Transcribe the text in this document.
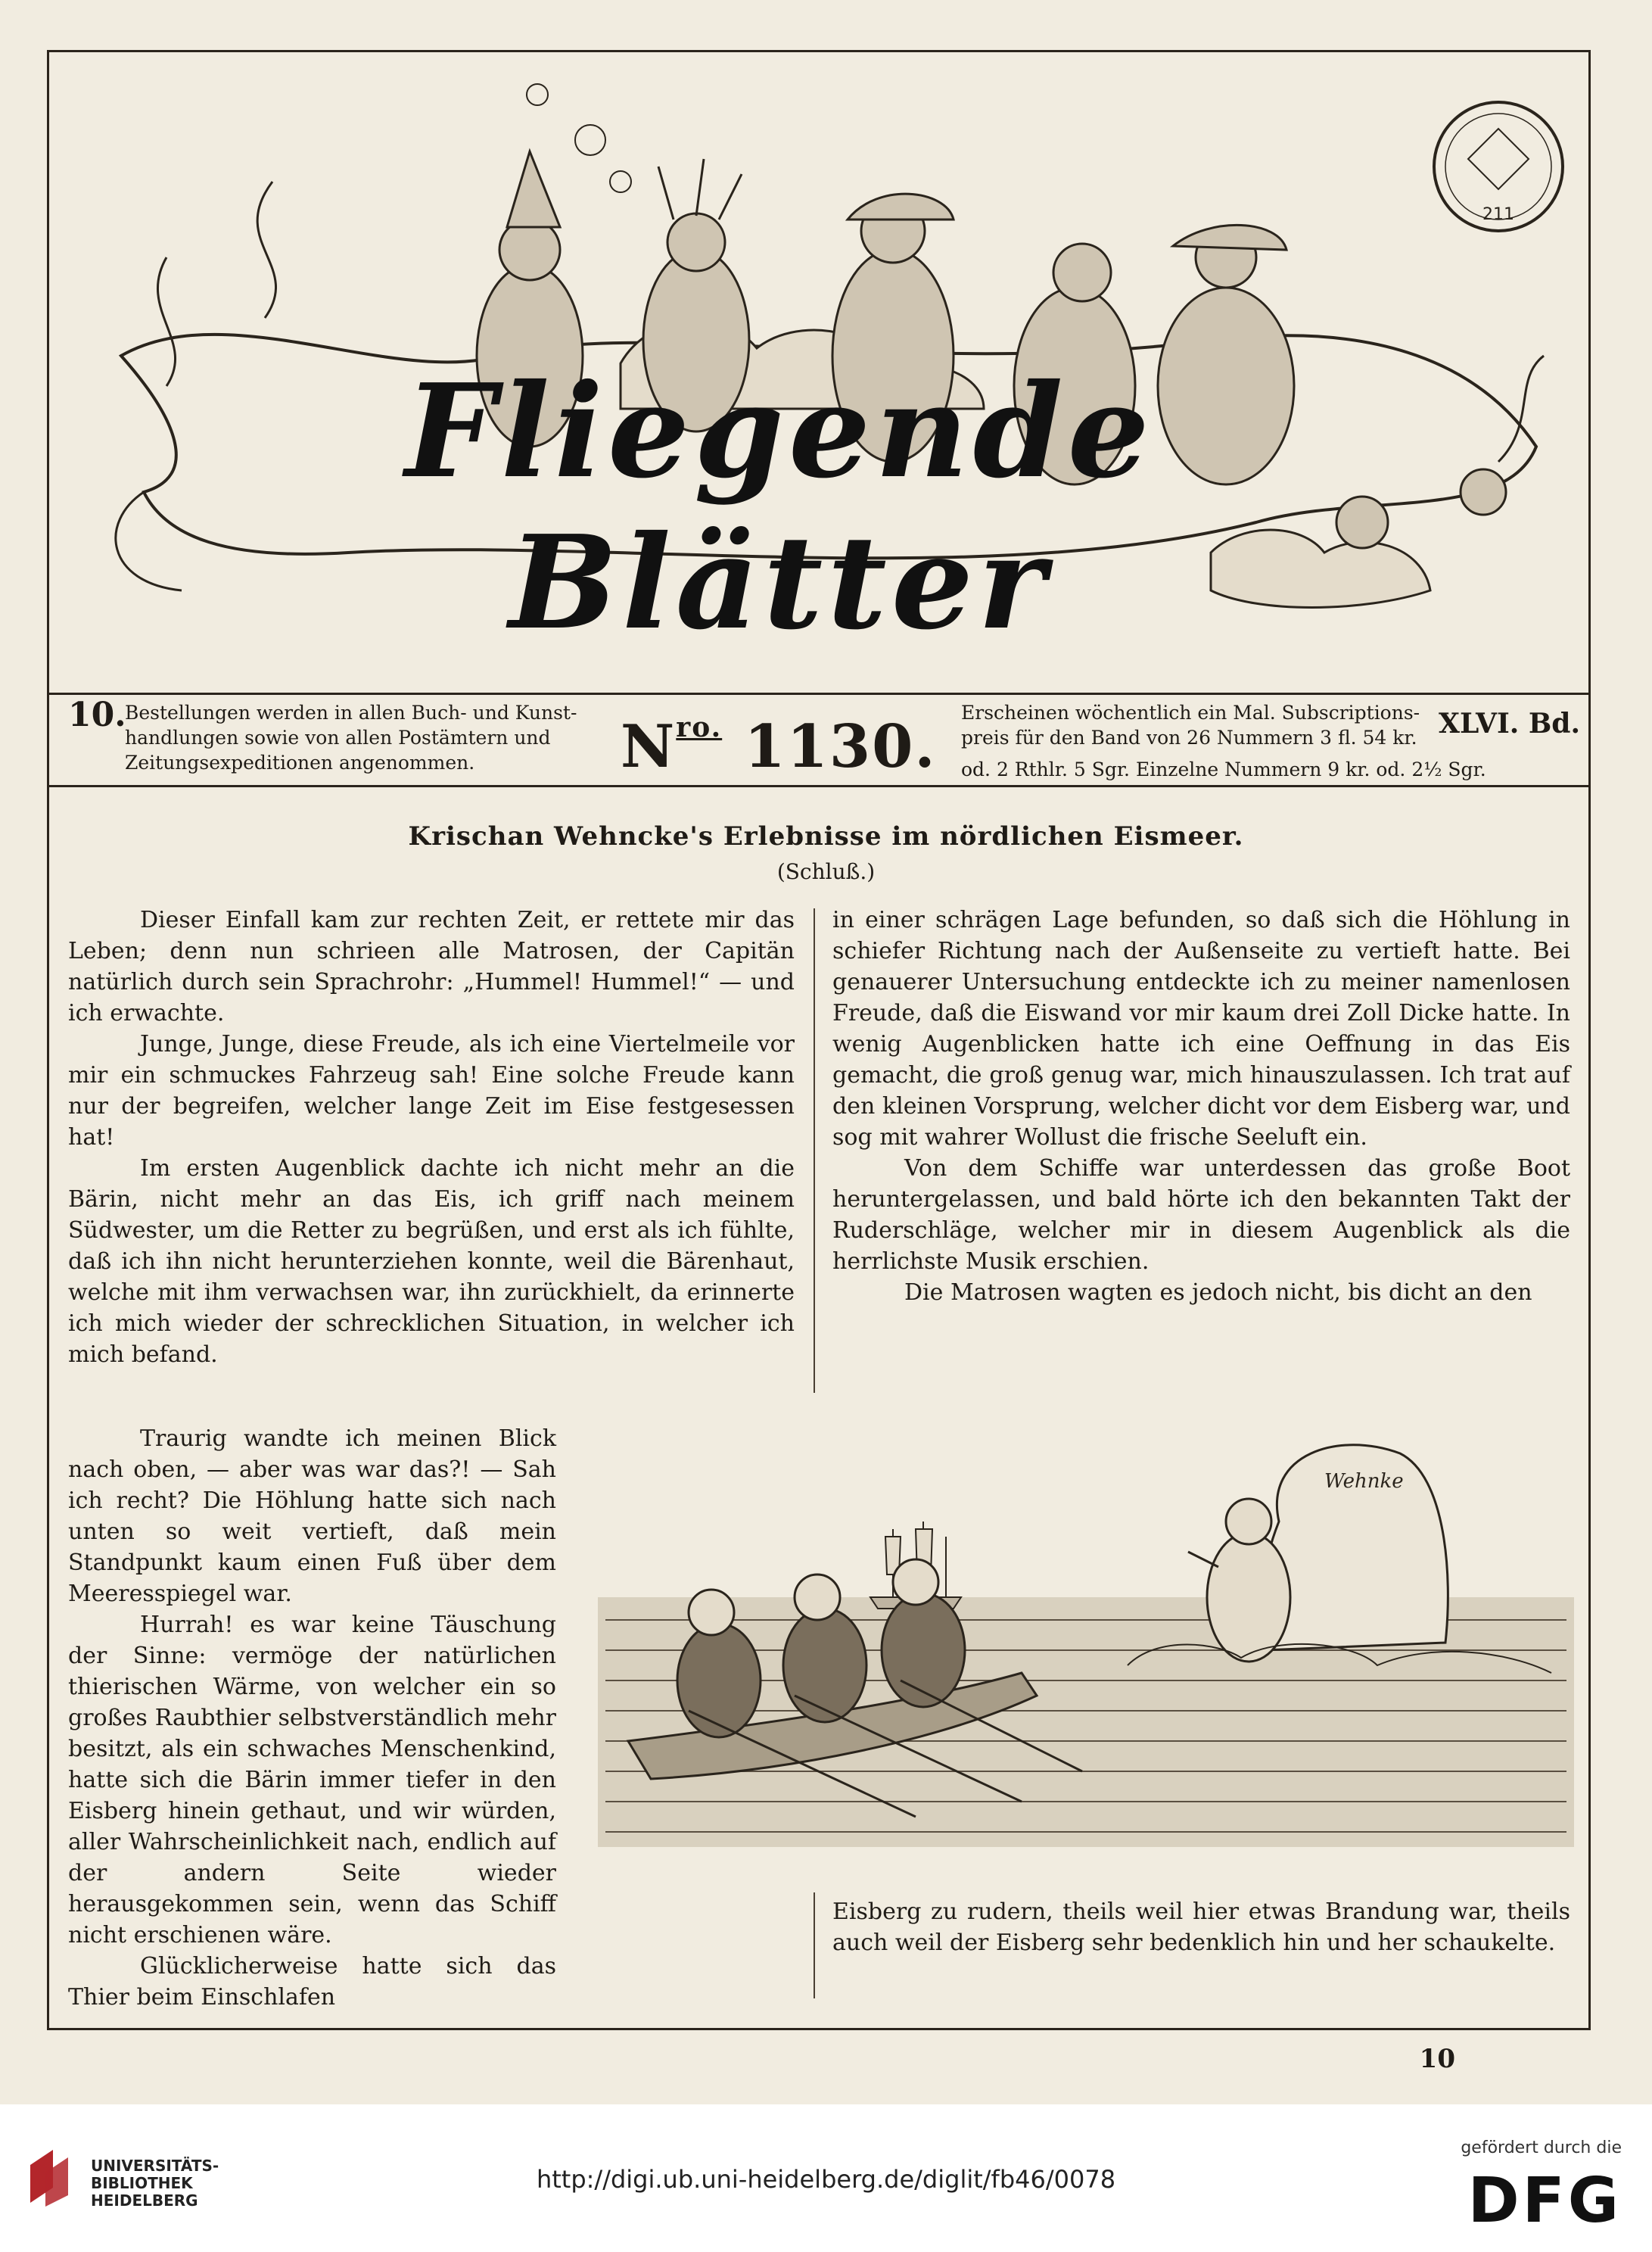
211
Fliegende Blätter
10.
Bestellungen werden in allen Buch- und Kunst- handlungen sowie von allen Postämtern und Zeitungsexpeditionen angenommen.	$N^{ro.}$ 1130. Erscheinen wöchentlich ein Mal. Subscriptions-
preis für den Band von 26 Nummern 3 fl. 54 kr.
od. 2 Rthlr. 5 Sgr. Einzelne Nummern 9 kr. od. 2½ Sgr.
XLVI. Bd.
Krischan Wehncke's Erlebnisse im nördlichen Eismeer.
(Schluß.)

Dieser Einfall kam zur rechten Zeit, er rettete mir das Leben; denn nun schrieen alle Matrosen, der Capitän natürlich durch sein Sprachrohr: „Hummel! Hummel!“ — und ich erwachte.

Junge, Junge, diese Freude, als ich eine Viertelmeile vor mir ein schmuckes Fahrzeug sah! Eine solche Freude kann nur der begreifen, welcher lange Zeit im Eise festgesessen hat!

Im ersten Augenblick dachte ich nicht mehr an die Bärin, nicht mehr an das Eis, ich griff nach meinem Südwester, um die Retter zu begrüßen, und erst als ich fühlte, daß ich ihn nicht herunterziehen konnte, weil die Bärenhaut, welche mit ihm verwachsen war, ihn zurückhielt, da erinnerte ich mich wieder der schrecklichen Situation, in welcher ich mich befand.

Traurig wandte ich meinen Blick nach oben, — aber was war das?! — Sah ich recht? Die Höhlung hatte sich nach unten so weit vertieft, daß mein Standpunkt kaum einen Fuß über dem Meeresspiegel war.

Hurrah! es war keine Täuschung der Sinne: vermöge der natürlichen thierischen Wärme, von welcher ein so großes Raubthier selbstverständlich mehr besitzt, als ein schwaches Menschenkind, hatte sich die Bärin immer tiefer in den Eisberg hinein gethaut, und wir würden, aller Wahrscheinlichkeit nach, endlich auf der andern Seite wieder herausgekommen sein, wenn das Schiff nicht erschienen wäre.

Glücklicherweise hatte sich das Thier beim Einschlafen

in einer schrägen Lage befunden, so daß sich die Höhlung in schiefer Richtung nach der Außenseite zu vertieft hatte. Bei genauerer Untersuchung entdeckte ich zu meiner namenlosen Freude, daß die Eiswand vor mir kaum drei Zoll Dicke hatte. In wenig Augenblicken hatte ich eine Oeffnung in das Eis gemacht, die groß genug war, mich hinauszulassen. Ich trat auf den kleinen Vorsprung, welcher dicht vor dem Eisberg war, und sog mit wahrer Wollust die frische Seeluft ein.

Von dem Schiffe war unterdessen das große Boot heruntergelassen, und bald hörte ich den bekannten Takt der Ruderschläge, welcher mir in diesem Augenblick als die herrlichste Musik erschien.

Die Matrosen wagten es jedoch nicht, bis dicht an den

Wehnke

Eisberg zu rudern, theils weil hier etwas Brandung war, theils auch weil der Eisberg sehr bedenklich hin und her schaukelte.

10
UNIVERSITÄTS-
BIBLIOTHEK
HEIDELBERG
http://digi.ub.uni-heidelberg.de/diglit/fb46/0078
gefördert durch die
DFG
